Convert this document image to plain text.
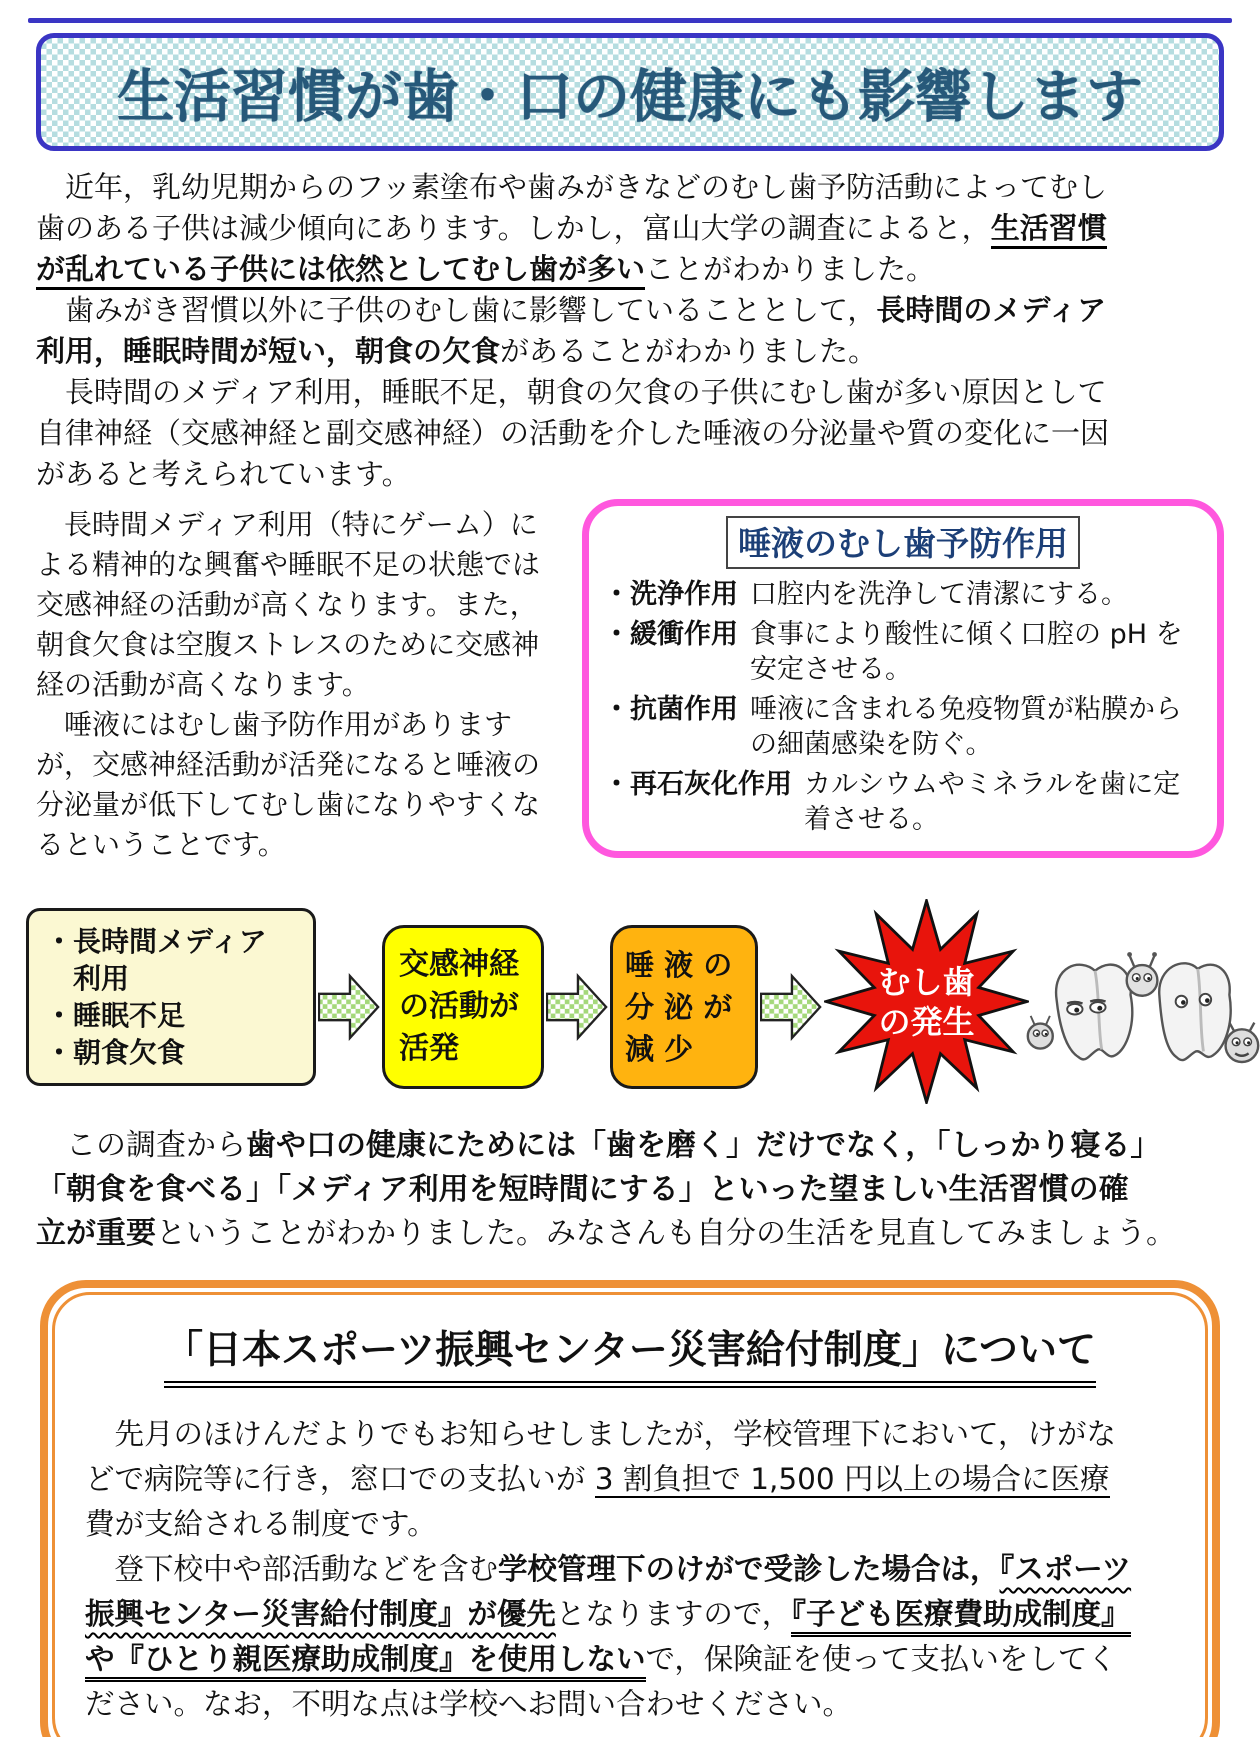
生活習慣が歯・口の健康にも影響します
　近年，乳幼児期からのフッ素塗布や歯みがきなどのむし歯予防活動によってむし
歯のある子供は減少傾向にあります。しかし，富山大学の調査によると，生活習慣
が乱れている子供には依然としてむし歯が多いことがわかりました。
　歯みがき習慣以外に子供のむし歯に影響していることとして，長時間のメディア
利用，睡眠時間が短い，朝食の欠食があることがわかりました。
　長時間のメディア利用，睡眠不足，朝食の欠食の子供にむし歯が多い原因として
自律神経（交感神経と副交感神経）の活動を介した唾液の分泌量や質の変化に一因
があると考えられています。
　長時間メディア利用（特にゲーム）に
よる精神的な興奮や睡眠不足の状態では
交感神経の活動が高くなります。また，
朝食欠食は空腹ストレスのために交感神
経の活動が高くなります。
　唾液にはむし歯予防作用があります
が，交感神経活動が活発になると唾液の
分泌量が低下してむし歯になりやすくな
るということです。
唾液のむし歯予防作用
・洗浄作用 口腔内を洗浄して清潔にする。
・緩衝作用 食事により酸性に傾く口腔の pH を安定させる。
・抗菌作用 唾液に含まれる免疫物質が粘膜からの細菌感染を防ぐ。
・再石灰化作用 カルシウムやミネラルを歯に定着させる。
・長時間メディア
　利用
・睡眠不足
・朝食欠食
交感神経
の活動が
活発
唾 液 の
分 泌 が
減 少
むし歯
の発生
　この調査から歯や口の健康にためには「歯を磨く」だけでなく，「しっかり寝る」
「朝食を食べる」「メディア利用を短時間にする」といった望ましい生活習慣の確
立が重要ということがわかりました。みなさんも自分の生活を見直してみましょう。
「日本スポーツ振興センター災害給付制度」について
　先月のほけんだよりでもお知らせしましたが，学校管理下において，けがな
どで病院等に行き，窓口での支払いが 3 割負担で 1,500 円以上の場合に医療
費が支給される制度です。
　登下校中や部活動などを含む学校管理下のけがで受診した場合は，『スポーツ
振興センター災害給付制度』が優先となりますので，『子ども医療費助成制度』
や『ひとり親医療助成制度』を使用しないで，保険証を使って支払いをしてく
ださい。なお，不明な点は学校へお問い合わせください。
